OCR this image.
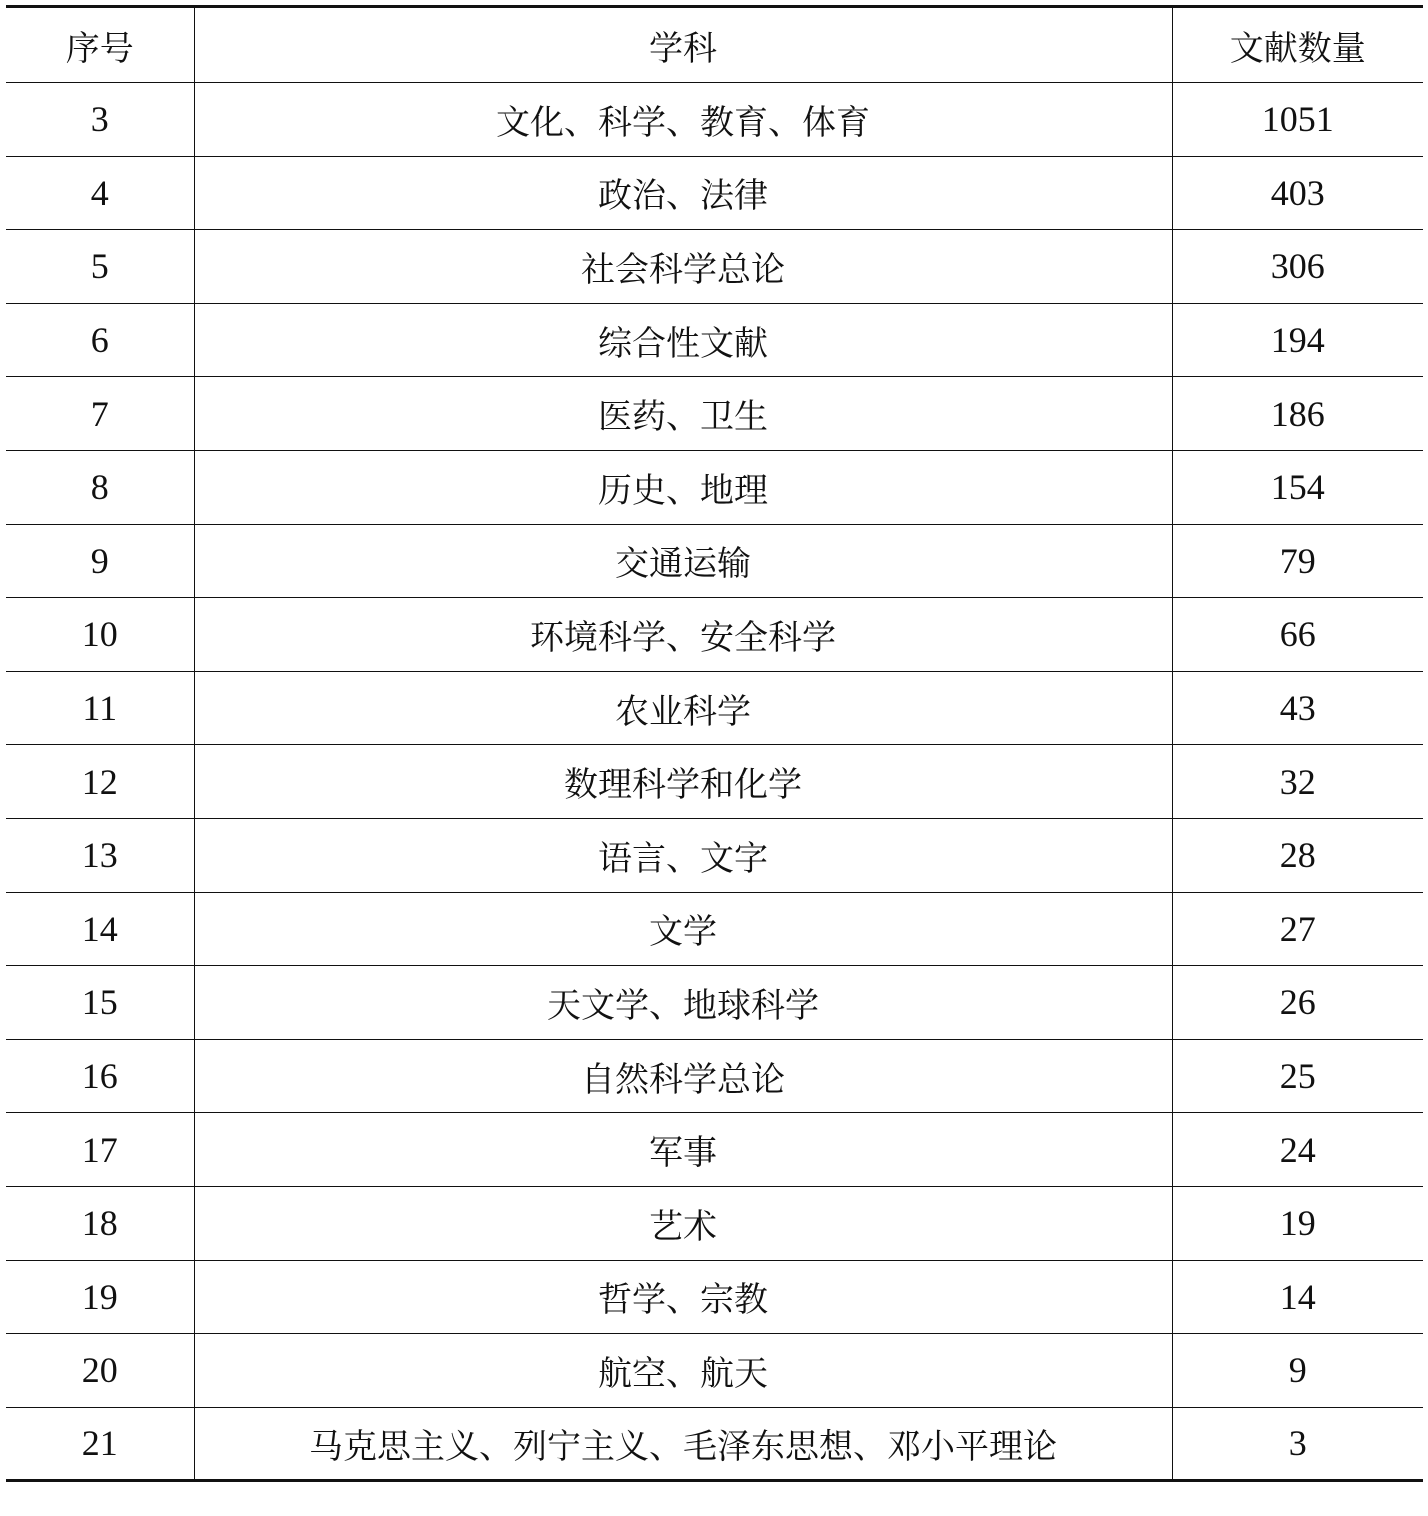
序号	学科	文献数量
3	文化、科学、教育、体育	1051
4	政治、法律	403
5	社会科学总论	306
6	综合性文献	194
7	医药、卫生	186
8	历史、地理	154
9	交通运输	79
10	环境科学、安全科学	66
11	农业科学	43
12	数理科学和化学	32
13	语言、文字	28
14	文学	27
15	天文学、地球科学	26
16	自然科学总论	25
17	军事	24
18	艺术	19
19	哲学、宗教	14
20	航空、航天	9
21	马克思主义、列宁主义、毛泽东思想、邓小平理论	3
